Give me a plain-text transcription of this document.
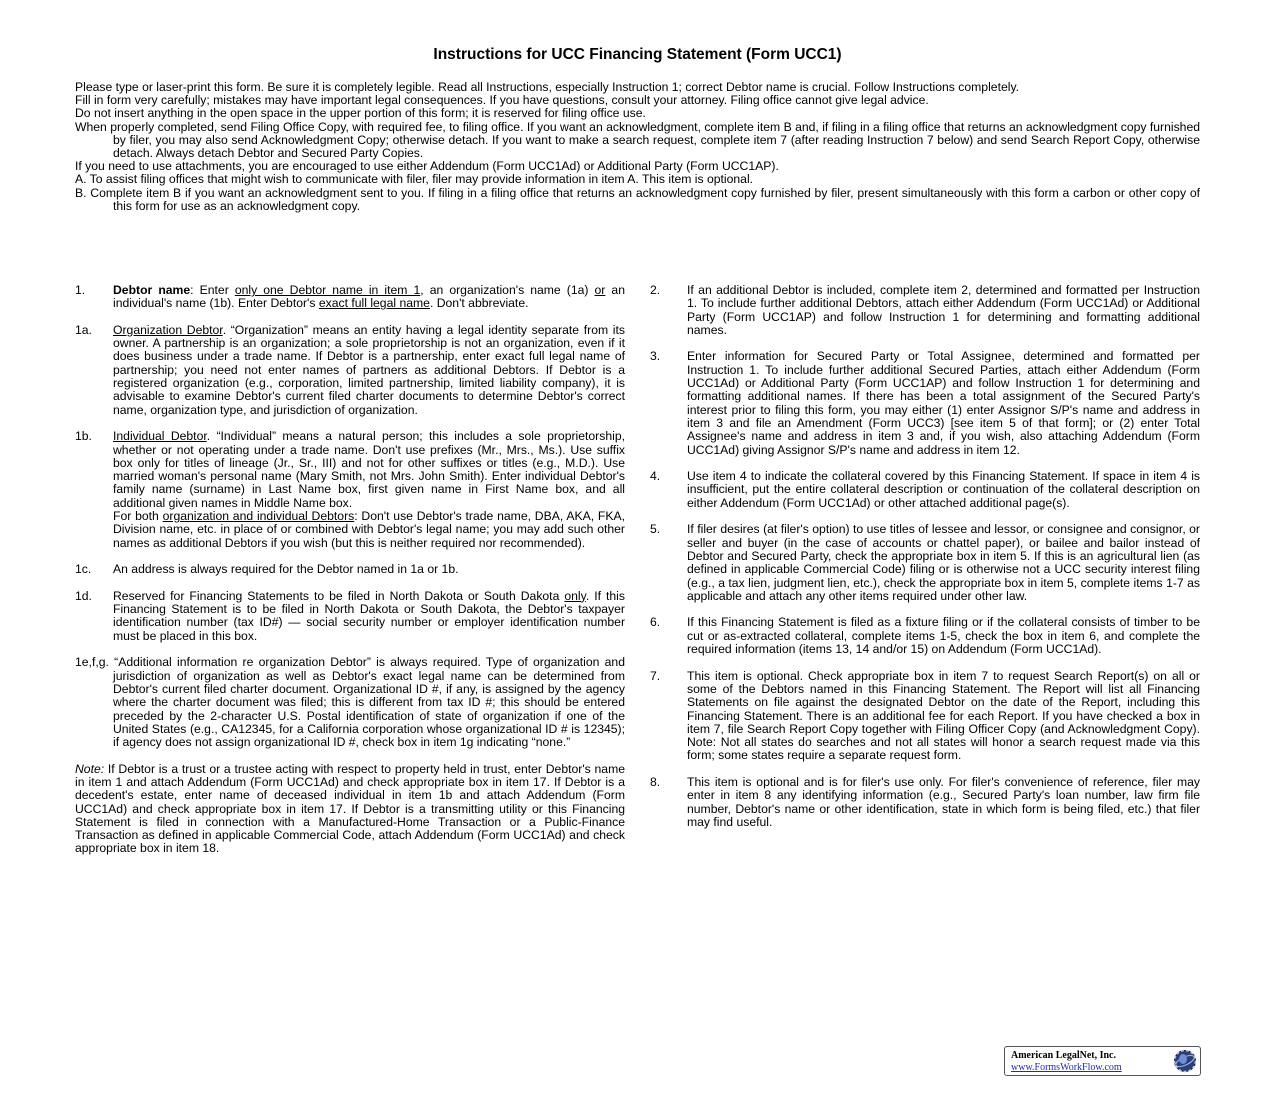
Instructions for UCC Financing Statement (Form UCC1)

Please type or laser-print this form. Be sure it is completely legible. Read all Instructions, especially Instruction 1; correct Debtor name is crucial. Follow Instructions completely.

Fill in form very carefully; mistakes may have important legal consequences. If you have questions, consult your attorney. Filing office cannot give legal advice.

Do not insert anything in the open space in the upper portion of this form; it is reserved for filing office use.

When properly completed, send Filing Office Copy, with required fee, to filing office. If you want an acknowledgment, complete item B and, if filing in a filing office that returns an acknowledgment copy furnished by filer, you may also send Acknowledgment Copy; otherwise detach. If you want to make a search request, complete item 7 (after reading Instruction 7 below) and send Search Report Copy, otherwise detach. Always detach Debtor and Secured Party Copies.

If you need to use attachments, you are encouraged to use either Addendum (Form UCC1Ad) or Additional Party (Form UCC1AP).

A. To assist filing offices that might wish to communicate with filer, filer may provide information in item A. This item is optional.

B. Complete item B if you want an acknowledgment sent to you. If filing in a filing office that returns an acknowledgment copy furnished by filer, present simultaneously with this form a carbon or other copy of this form for use as an acknowledgment copy.

1.	Debtor name: Enter only one Debtor name in item 1, an organization's name (1a) or an individual's name (1b). Enter Debtor's exact full legal name. Don't abbreviate.
1a.	Organization Debtor. “Organization” means an entity having a legal identity separate from its owner. A partnership is an organization; a sole proprietorship is not an organization, even if it does business under a trade name. If Debtor is a partnership, enter exact full legal name of partnership; you need not enter names of partners as additional Debtors. If Debtor is a registered organization (e.g., corporation, limited partnership, limited liability company), it is advisable to examine Debtor's current filed charter documents to determine Debtor's correct name, organization type, and jurisdiction of organization.
1b.	Individual Debtor. “Individual” means a natural person; this includes a sole proprietorship, whether or not operating under a trade name. Don't use prefixes (Mr., Mrs., Ms.). Use suffix box only for titles of lineage (Jr., Sr., III) and not for other suffixes or titles (e.g., M.D.). Use married woman's personal name (Mary Smith, not Mrs. John Smith). Enter individual Debtor's family name (surname) in Last Name box, first given name in First Name box, and all additional given names in Middle Name box.

For both organization and individual Debtors: Don't use Debtor's trade name, DBA, AKA, FKA, Division name, etc. in place of or combined with Debtor's legal name; you may add such other names as additional Debtors if you wish (but this is neither required nor recommended).

1c.	An address is always required for the Debtor named in 1a or 1b.
1d.	Reserved for Financing Statements to be filed in North Dakota or South Dakota only. If this Financing Statement is to be filed in North Dakota or South Dakota, the Debtor's taxpayer identification number (tax ID#) — social security number or employer identification number must be placed in this box.

1e,f,g. “Additional information re organization Debtor” is always required. Type of organization and jurisdiction of organization as well as Debtor's exact legal name can be determined from Debtor's current filed charter document. Organizational ID #, if any, is assigned by the agency where the charter document was filed; this is different from tax ID #; this should be entered preceded by the 2-character U.S. Postal identification of state of organization if one of the United States (e.g., CA12345, for a California corporation whose organizational ID # is 12345); if agency does not assign organizational ID #, check box in item 1g indicating “none.”

Note: If Debtor is a trust or a trustee acting with respect to property held in trust, enter Debtor's name in item 1 and attach Addendum (Form UCC1Ad) and check appropriate box in item 17. If Debtor is a decedent's estate, enter name of deceased individual in item 1b and attach Addendum (Form UCC1Ad) and check appropriate box in item 17. If Debtor is a transmitting utility or this Financing Statement is filed in connection with a Manufactured-Home Transaction or a Public-Finance Transaction as defined in applicable Commercial Code, attach Addendum (Form UCC1Ad) and check appropriate box in item 18.

2.	If an additional Debtor is included, complete item 2, determined and formatted per Instruction 1. To include further additional Debtors, attach either Addendum (Form UCC1Ad) or Additional Party (Form UCC1AP) and follow Instruction 1 for determining and formatting additional names.
3.	Enter information for Secured Party or Total Assignee, determined and formatted per Instruction 1. To include further additional Secured Parties, attach either Addendum (Form UCC1Ad) or Additional Party (Form UCC1AP) and follow Instruction 1 for determining and formatting additional names. If there has been a total assignment of the Secured Party's interest prior to filing this form, you may either (1) enter Assignor S/P's name and address in item 3 and file an Amendment (Form UCC3) [see item 5 of that form]; or (2) enter Total Assignee's name and address in item 3 and, if you wish, also attaching Addendum (Form UCC1Ad) giving Assignor S/P's name and address in item 12.
4.	Use item 4 to indicate the collateral covered by this Financing Statement. If space in item 4 is insufficient, put the entire collateral description or continuation of the collateral description on either Addendum (Form UCC1Ad) or other attached additional page(s).
5.	If filer desires (at filer's option) to use titles of lessee and lessor, or consignee and consignor, or seller and buyer (in the case of accounts or chattel paper), or bailee and bailor instead of Debtor and Secured Party, check the appropriate box in item 5. If this is an agricultural lien (as defined in applicable Commercial Code) filing or is otherwise not a UCC security interest filing (e.g., a tax lien, judgment lien, etc.), check the appropriate box in item 5, complete items 1-7 as applicable and attach any other items required under other law.
6.	If this Financing Statement is filed as a fixture filing or if the collateral consists of timber to be cut or as-extracted collateral, complete items 1-5, check the box in item 6, and complete the required information (items 13, 14 and/or 15) on Addendum (Form UCC1Ad).
7.	This item is optional. Check appropriate box in item 7 to request Search Report(s) on all or some of the Debtors named in this Financing Statement. The Report will list all Financing Statements on file against the designated Debtor on the date of the Report, including this Financing Statement. There is an additional fee for each Report. If you have checked a box in item 7, file Search Report Copy together with Filing Officer Copy (and Acknowledgment Copy). Note: Not all states do searches and not all states will honor a search request made via this form; some states require a separate request form.
8.	This item is optional and is for filer's use only. For filer's convenience of reference, filer may enter in item 8 any identifying information (e.g., Secured Party's loan number, law firm file number, Debtor's name or other identification, state in which form is being filed, etc.) that filer may find useful.
American LegalNet, Inc.
www.FormsWorkFlow.com
